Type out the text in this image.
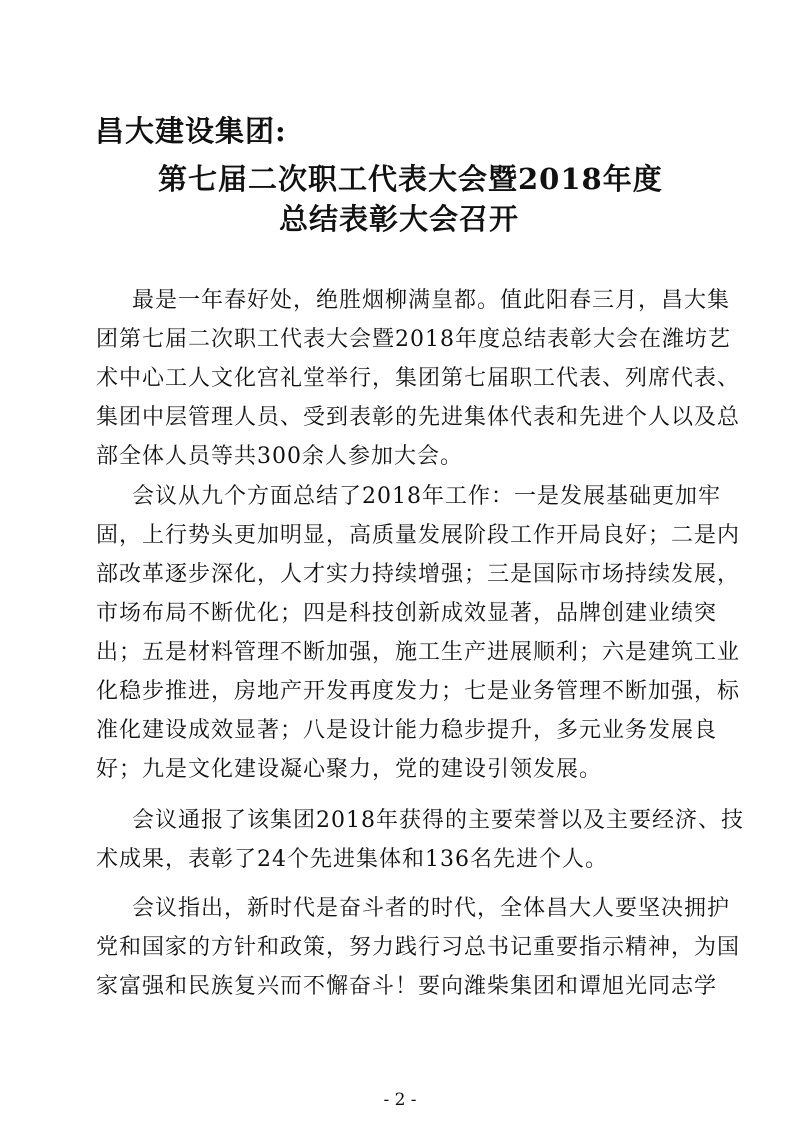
昌大建设集团:
第七届二次职工代表大会暨2018年度
总结表彰大会召开

最是一年春好处，绝胜烟柳满皇都。值此阳春三月，昌大集

团第七届二次职工代表大会暨2018年度总结表彰大会在潍坊艺

术中心工人文化宫礼堂举行，集团第七届职工代表、列席代表、

集团中层管理人员、受到表彰的先进集体代表和先进个人以及总

部全体人员等共300余人参加大会。

会议从九个方面总结了2018年工作：一是发展基础更加牢

固，上行势头更加明显，高质量发展阶段工作开局良好；二是内

部改革逐步深化，人才实力持续增强；三是国际市场持续发展，

市场布局不断优化；四是科技创新成效显著，品牌创建业绩突

出；五是材料管理不断加强，施工生产进展顺利；六是建筑工业

化稳步推进，房地产开发再度发力；七是业务管理不断加强，标

准化建设成效显著；八是设计能力稳步提升，多元业务发展良

好；九是文化建设凝心聚力，党的建设引领发展。

会议通报了该集团2018年获得的主要荣誉以及主要经济、技

术成果，表彰了24个先进集体和136名先进个人。

会议指出，新时代是奋斗者的时代，全体昌大人要坚决拥护

党和国家的方针和政策，努力践行习总书记重要指示精神，为国

家富强和民族复兴而不懈奋斗！要向潍柴集团和谭旭光同志学

- 2 -
